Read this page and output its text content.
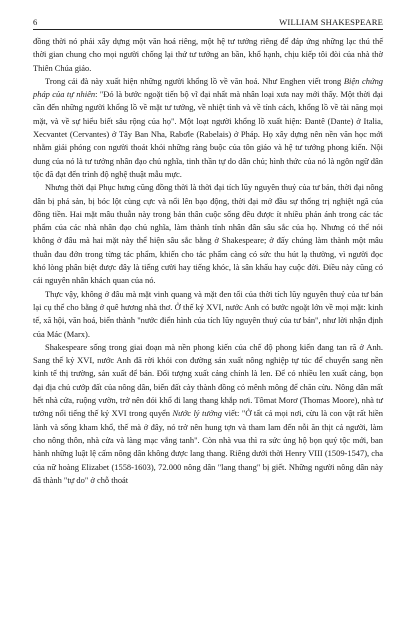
6	WILLIAM SHAKESPEARE

đồng thời nó phải xây dựng một văn hoá riêng, một hệ tư tưởng riêng để đáp ứng những lạc thú thế thời gian chung cho mọi người chống lại thứ tư tưởng an bần, khổ hạnh, chịu kiếp tôi đòi của nhà thờ Thiên Chúa giáo.

Trong cái đà này xuất hiện những người khổng lồ về văn hoá. Như Enghen viết trong Biện chứng pháp của tự nhiên: "Đó là bước ngoặt tiến bộ vĩ đại nhất mà nhân loại xưa nay mới thấy. Một thời đại cần đến những người khổng lồ về mặt tư tưởng, về nhiệt tình và về tính cách, khổng lồ về tài năng mọi mặt, và về sự hiểu biết sâu rộng của họ". Một loạt người khổng lồ xuất hiện: Đantê (Dante) ở Italia, Xecvantet (Cervantes) ở Tây Ban Nha, Rabơle (Rabelais) ở Pháp. Họ xây dựng nên nền văn học mới nhằm giải phóng con người thoát khỏi những ràng buộc của tôn giáo và hệ tư tưởng phong kiến. Nội dung của nó là tư tưởng nhân đạo chủ nghĩa, tinh thần tự do dân chủ; hình thức của nó là ngôn ngữ dân tộc đã đạt đến trình độ nghệ thuật mẫu mực.

Nhưng thời đại Phục hưng cũng đồng thời là thời đại tích lũy nguyên thuỷ của tư bản, thời đại nông dân bị phá sản, bị bóc lột cùng cực và nổi lên bạo động, thời đại mở đầu sự thống trị nghiệt ngã của đồng tiền. Hai mặt mâu thuẫn này trong bản thân cuộc sống đều được ít nhiều phản ánh trong các tác phẩm của các nhà nhân đạo chủ nghĩa, làm thành tính nhân đân sâu sắc của họ. Nhưng có thể nói không ở đâu mà hai mặt này thể hiện sâu sắc bằng ở Shakespeare; ở đấy chúng làm thành một mâu thuẫn đau đớn trong từng tác phẩm, khiến cho tác phẩm càng có sức thu hút lạ thường, vì người đọc khó lòng phân biệt được đây là tiếng cười hay tiếng khóc, là sân khấu hay cuộc đời. Điều này cũng có cái nguyên nhân khách quan của nó.

Thực vậy, không ở đâu mà mặt vinh quang và mặt đen tối của thời tích lũy nguyên thuỷ của tư bản lại cụ thể cho bằng ở quê hương nhà thơ. Ở thế kỷ XVI, nước Anh có bước ngoặt lớn về mọi mặt: kinh tế, xã hội, văn hoá, biến thành "nước điển hình của tích lũy nguyên thuỷ của tư bản", như lời nhận định của Mác (Marx).

Shakespeare sống trong giai đoạn mà nền phong kiến của chế độ phong kiến đang tan rã ở Anh. Sang thế kỷ XVI, nước Anh đã rời khỏi con đường sản xuất nông nghiệp tự túc để chuyển sang nền kinh tế thị trường, sản xuất để bán. Đối tượng xuất cảng chính là len. Để có nhiều len xuất cảng, bọn đại địa chủ cướp đất của nông dân, biến đất cày thành đồng cỏ mênh mông để chăn cừu. Nông dân mất hết nhà cửa, ruộng vườn, trở nên đói khổ đi lang thang khắp nơi. Tômat Morơ (Thomas Moore), nhà tư tưởng nổi tiếng thế kỷ XVI trong quyển Nước lý tưởng viết: "Ở tất cả mọi nơi, cừu là con vật rất hiền lành và sống kham khổ, thế mà ở đây, nó trở nên hung tợn và tham lam đến nỗi ăn thịt cả người, làm cho nông thôn, nhà cửa và làng mạc vắng tanh". Còn nhà vua thì ra sức ủng hộ bọn quý tộc mới, ban hành những luật lệ cấm nông dân không được lang thang. Riêng dưới thời Henry VIII (1509-1547), cha của nữ hoàng Elizabet (1558-1603), 72.000 nông dân "lang thang" bị giết. Những người nông dân này đã thành "tự do" ở chỗ thoát
